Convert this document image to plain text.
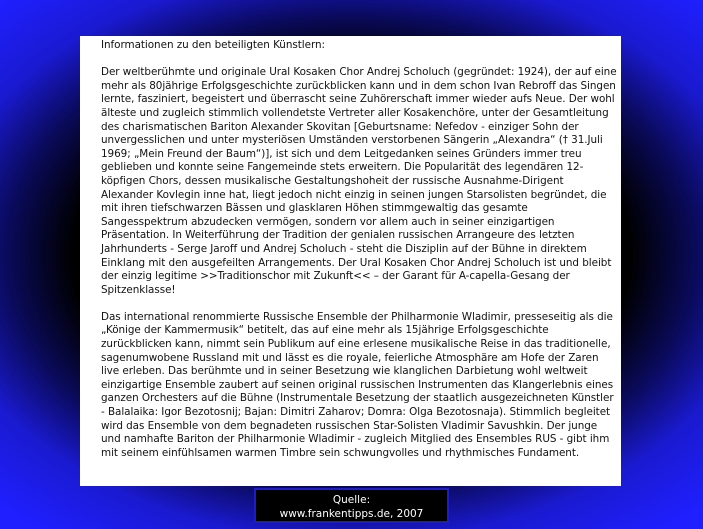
Informationen zu den beteiligten Künstlern:

Der weltberühmte und originale Ural Kosaken Chor Andrej Scholuch (gegründet: 1924), der auf eine mehr als 80jährige Erfolgsgeschichte zurückblicken kann und in dem schon Ivan Rebroff das Singen lernte, fasziniert, begeistert und überrascht seine Zuhörerschaft immer wieder aufs Neue. Der wohl älteste und zugleich stimmlich vollendetste Vertreter aller Kosakenchöre, unter der Gesamtleitung des charismatischen Bariton Alexander Skovitan [Geburtsname: Nefedov - einziger Sohn der unvergesslichen und unter mysteriösen Umständen verstorbenen Sängerin „Alexandra“ († 31.Juli 1969; „Mein Freund der Baum“)], ist sich und dem Leitgedanken seines Gründers immer treu geblieben und konnte seine Fangemeinde stets erweitern. Die Popularität des legendären 12-köpfigen Chors, dessen musikalische Gestaltungshoheit der russische Ausnahme-Dirigent Alexander Kovlegin inne hat, liegt jedoch nicht einzig in seinen jungen Starsolisten begründet, die mit ihren tiefschwarzen Bässen und glasklaren Höhen stimmgewaltig das gesamte Sangesspektrum abzudecken vermögen, sondern vor allem auch in seiner einzigartigen Präsentation. In Weiterführung der Tradition der genialen russischen Arrangeure des letzten Jahrhunderts - Serge Jaroff und Andrej Scholuch - steht die Disziplin auf der Bühne in direktem Einklang mit den ausgefeilten Arrangements. Der Ural Kosaken Chor Andrej Scholuch ist und bleibt der einzig legitime >>Traditionschor mit Zukunft<< – der Garant für A-capella-Gesang der Spitzenklasse!

Das international renommierte Russische Ensemble der Philharmonie Wladimir, presseseitig als die „Könige der Kammermusik“ betitelt, das auf eine mehr als 15jährige Erfolgsgeschichte zurückblicken kann, nimmt sein Publikum auf eine erlesene musikalische Reise in das traditionelle, sagenumwobene Russland mit und lässt es die royale, feierliche Atmosphäre am Hofe der Zaren live erleben. Das berühmte und in seiner Besetzung wie klanglichen Darbietung wohl weltweit einzigartige Ensemble zaubert auf seinen original russischen Instrumenten das Klangerlebnis eines ganzen Orchesters auf die Bühne (Instrumentale Besetzung der staatlich ausgezeichneten Künstler - Balalaika: Igor Bezotosnij; Bajan: Dimitri Zaharov; Domra: Olga Bezotosnaja). Stimmlich begleitet wird das Ensemble von dem begnadeten russischen Star-Solisten Vladimir Savushkin. Der junge und namhafte Bariton der Philharmonie Wladimir - zugleich Mitglied des Ensembles RUS - gibt ihm mit seinem einfühlsamen warmen Timbre sein schwungvolles und rhythmisches Fundament.

Quelle:
www.frankentipps.de, 2007
